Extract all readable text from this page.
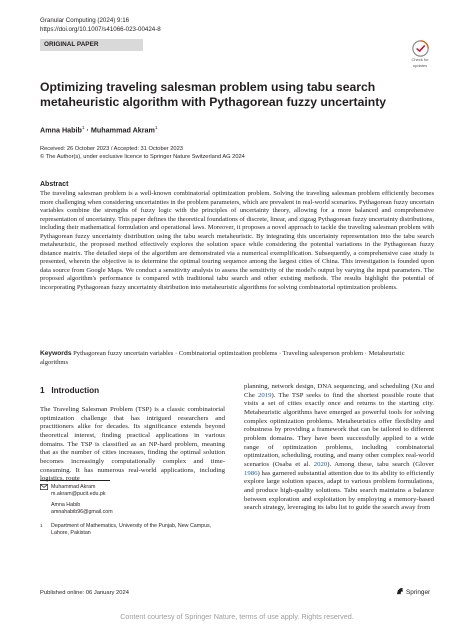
Granular Computing (2024) 9:16
https://doi.org/10.1007/s41066-023-00424-8
ORIGINAL PAPER
Check for
updates
Optimizing traveling salesman problem using tabu search
metaheuristic algorithm with Pythagorean fuzzy uncertainty
Amna Habib$^1$ · Muhammad Akram$^1$
Received: 26 October 2023 / Accepted: 31 October 2023
© The Author(s), under exclusive licence to Springer Nature Switzerland AG 2024
Abstract
The traveling salesman problem is a well-known combinatorial optimization problem. Solving the traveling salesman problem efficiently becomes more challenging when considering uncertainties in the problem parameters, which are prevalent in real-world scenarios. Pythagorean fuzzy uncertain variables combine the strengths of fuzzy logic with the principles of uncertainty theory, allowing for a more balanced and comprehensive representation of uncertainty. This paper defines the theoretical foundations of discrete, linear, and zigzag Pythagorean fuzzy uncertainty distributions, including their mathematical formulation and operational laws. Moreover, it proposes a novel approach to tackle the traveling salesman problem with Pythagorean fuzzy uncertainty distribution using the tabu search metaheuristic. By integrating this uncertainty representation into the tabu search metaheuristic, the proposed method effectively explores the solution space while considering the potential variations in the Pythagorean fuzzy distance matrix. The detailed steps of the algorithm are demonstrated via a numerical exemplification. Subsequently, a comprehensive case study is presented, wherein the objective is to determine the optimal touring sequence among the largest cities of China. This investigation is founded upon data source from Google Maps. We conduct a sensitivity analysis to assess the sensitivity of the model's output by varying the input parameters. The proposed algorithm's performance is compared with traditional tabu search and other existing methods. The results highlight the potential of incorporating Pythagorean fuzzy uncertainty distribution into metaheuristic algorithms for solving combinatorial optimization problems.
Keywords Pythagorean fuzzy uncertain variables · Combinatorial optimization problems · Traveling salesperson problem · Metaheuristic algorithms
1 Introduction
The Traveling Salesman Problem (TSP) is a classic combinatorial optimization challenge that has intrigued researchers and practitioners alike for decades. Its significance extends beyond theoretical interest, finding practical applications in various domains. The TSP is classified as an NP-hard problem, meaning that as the number of cities increases, finding the optimal solution becomes increasingly computationally complex and time-consuming. It has numerous real-world applications, including logistics, route
planning, network design, DNA sequencing, and scheduling (Xu and Che 2019). The TSP seeks to find the shortest possible route that visits a set of cities exactly once and returns to the starting city. Metaheuristic algorithms have emerged as powerful tools for solving complex optimization problems. Metaheuristics offer flexibility and robustness by providing a framework that can be tailored to different problem domains. They have been successfully applied to a wide range of optimization problems, including combinatorial optimization, scheduling, routing, and many other complex real-world scenarios (Osaba et al. 2020). Among these, tabu search (Glover 1986) has garnered substantial attention due to its ability to efficiently explore large solution spaces, adapt to various problem formulations, and produce high-quality solutions. Tabu search maintains a balance between exploration and exploitation by employing a memory-based search strategy, leveraging its tabu list to guide the search away from
Muhammad Akram
m.akram@pucit.edu.pk
Amna Habib
amnahabib96@gmail.com
1	Department of Mathematics, University of the Punjab, New Campus, Lahore, Pakistan
Published online: 06 January 2024	Springer
Content courtesy of Springer Nature, terms of use apply. Rights reserved.
